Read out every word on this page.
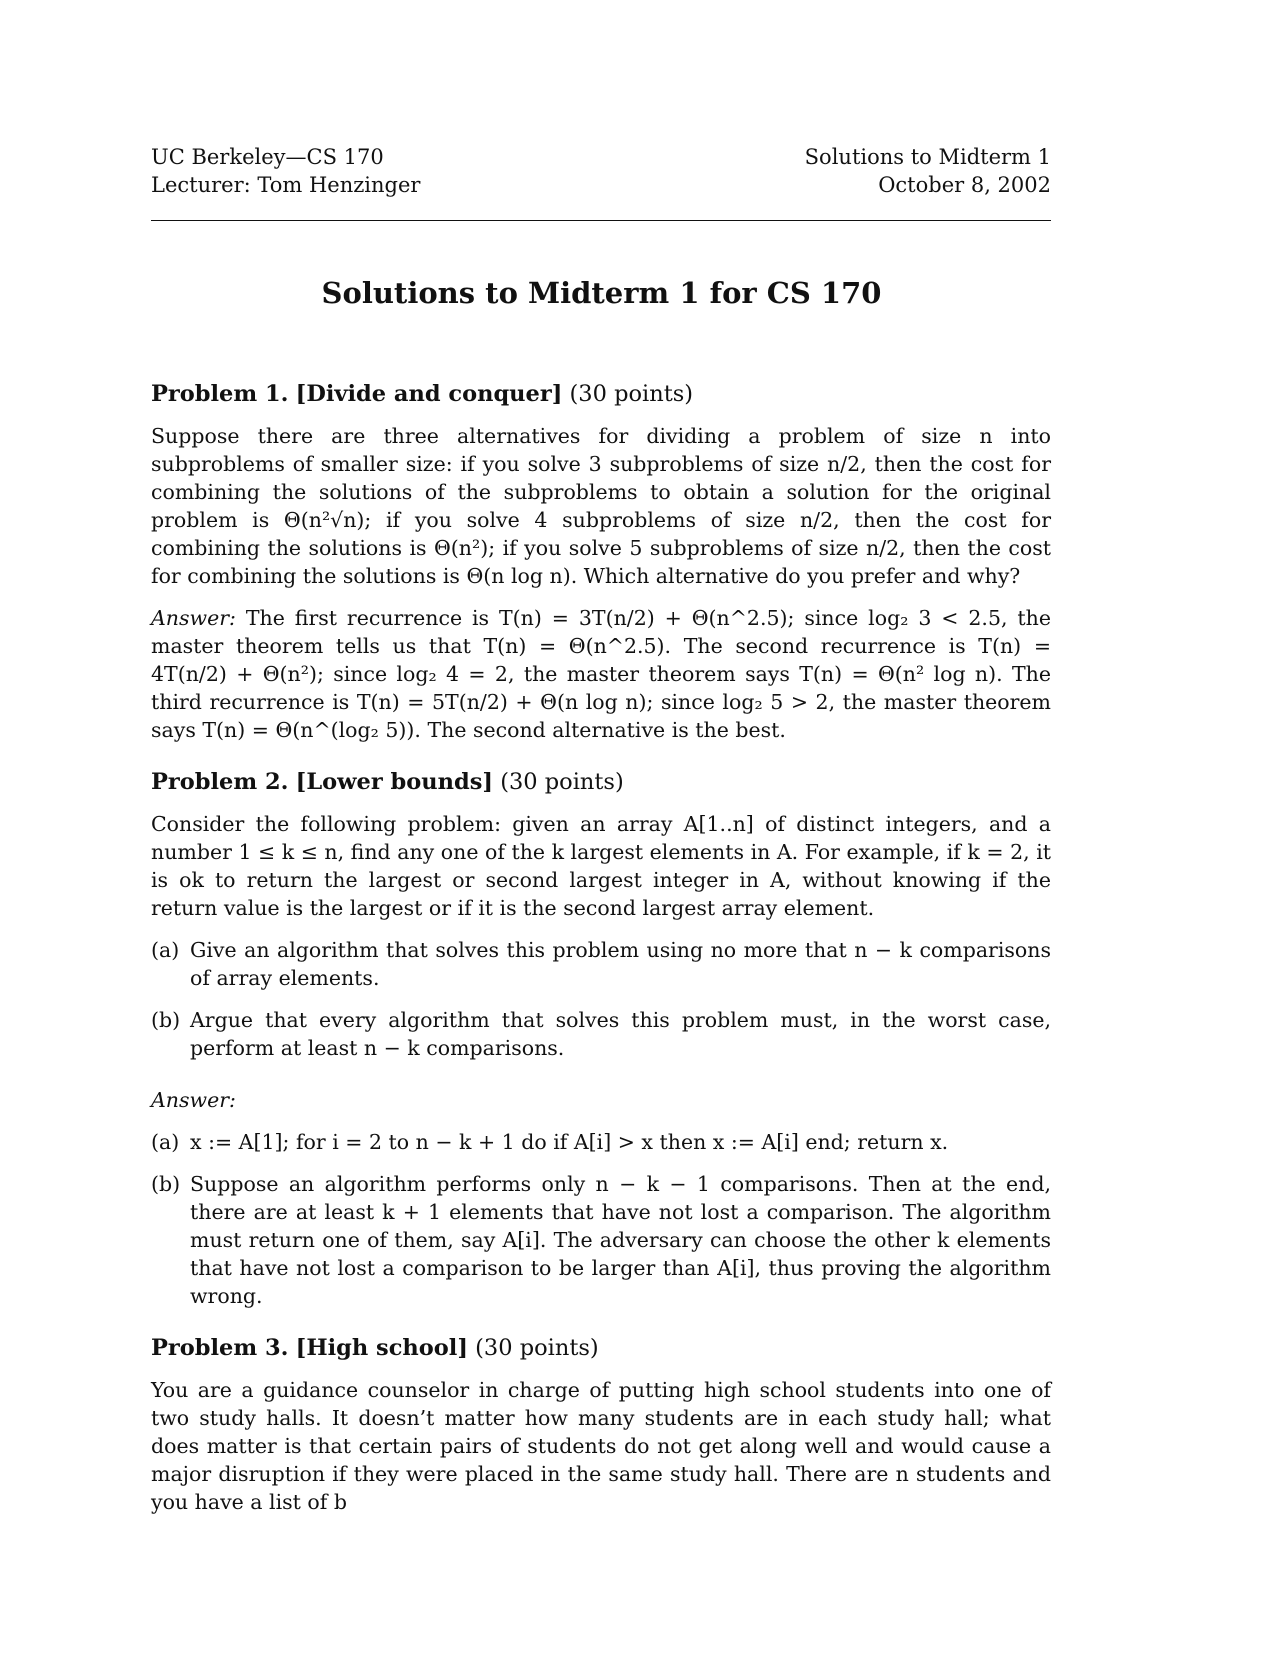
UC Berkeley—CS 170
Lecturer: Tom Henzinger
Solutions to Midterm 1
October 8, 2002
Solutions to Midterm 1 for CS 170
Problem 1. [Divide and conquer] (30 points)

Suppose there are three alternatives for dividing a problem of size n into subproblems of smaller size: if you solve 3 subproblems of size n/2, then the cost for combining the solutions of the subproblems to obtain a solution for the original problem is Θ(n²√n); if you solve 4 subproblems of size n/2, then the cost for combining the solutions is Θ(n²); if you solve 5 subproblems of size n/2, then the cost for combining the solutions is Θ(n log n). Which alternative do you prefer and why?

Answer: The first recurrence is T(n) = 3T(n/2) + Θ(n^2.5); since log₂ 3 < 2.5, the master theorem tells us that T(n) = Θ(n^2.5). The second recurrence is T(n) = 4T(n/2) + Θ(n²); since log₂ 4 = 2, the master theorem says T(n) = Θ(n² log n). The third recurrence is T(n) = 5T(n/2) + Θ(n log n); since log₂ 5 > 2, the master theorem says T(n) = Θ(n^(log₂ 5)). The second alternative is the best.

Problem 2. [Lower bounds] (30 points)

Consider the following problem: given an array A[1..n] of distinct integers, and a number 1 ≤ k ≤ n, find any one of the k largest elements in A. For example, if k = 2, it is ok to return the largest or second largest integer in A, without knowing if the return value is the largest or if it is the second largest array element.

(a) Give an algorithm that solves this problem using no more that n − k comparisons of array elements.
(b) Argue that every algorithm that solves this problem must, in the worst case, perform at least n − k comparisons.

Answer:

(a) x := A[1]; for i = 2 to n − k + 1 do if A[i] > x then x := A[i] end; return x.
(b) Suppose an algorithm performs only n − k − 1 comparisons. Then at the end, there are at least k + 1 elements that have not lost a comparison. The algorithm must return one of them, say A[i]. The adversary can choose the other k elements that have not lost a comparison to be larger than A[i], thus proving the algorithm wrong.
Problem 3. [High school] (30 points)

You are a guidance counselor in charge of putting high school students into one of two study halls. It doesn’t matter how many students are in each study hall; what does matter is that certain pairs of students do not get along well and would cause a major disruption if they were placed in the same study hall. There are n students and you have a list of b
